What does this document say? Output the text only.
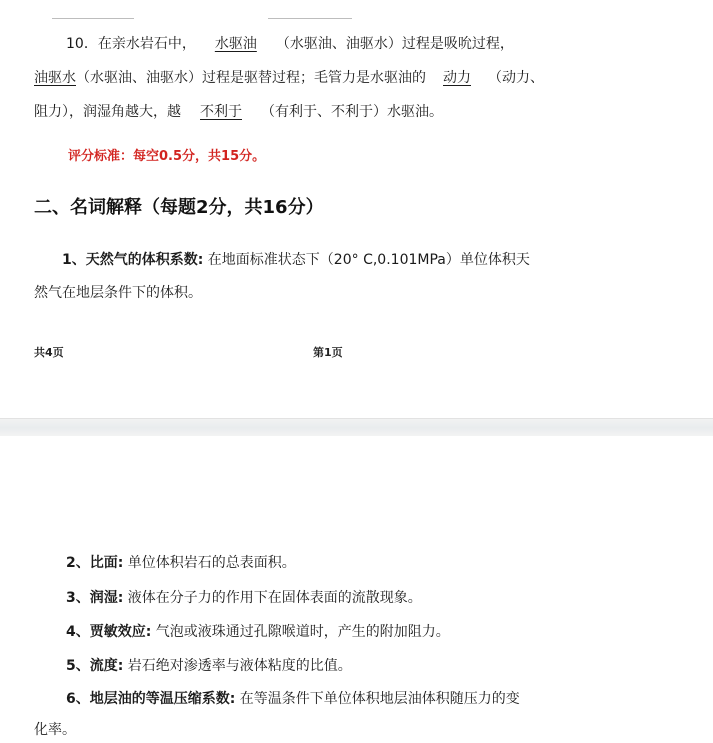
10．在亲水岩石中， 水驱油 （水驱油、油驱水）过程是吸吮过程，
油驱水（水驱油、油驱水）过程是驱替过程；毛管力是水驱油的 动力 （动力、
阻力），润湿角越大，越 不利于 （有利于、不利于）水驱油。
评分标准：每空0.5分，共15分。
二、名词解释（每题2分，共16分）
1、天然气的体积系数: 在地面标准状态下（20° C,0.101MPa）单位体积天
然气在地层条件下的体积。
共4页	第1页
2、比面: 单位体积岩石的总表面积。
3、润湿: 液体在分子力的作用下在固体表面的流散现象。
4、贾敏效应: 气泡或液珠通过孔隙喉道时，产生的附加阻力。
5、流度: 岩石绝对渗透率与液体粘度的比值。
6、地层油的等温压缩系数: 在等温条件下单位体积地层油体积随压力的变
化率。
